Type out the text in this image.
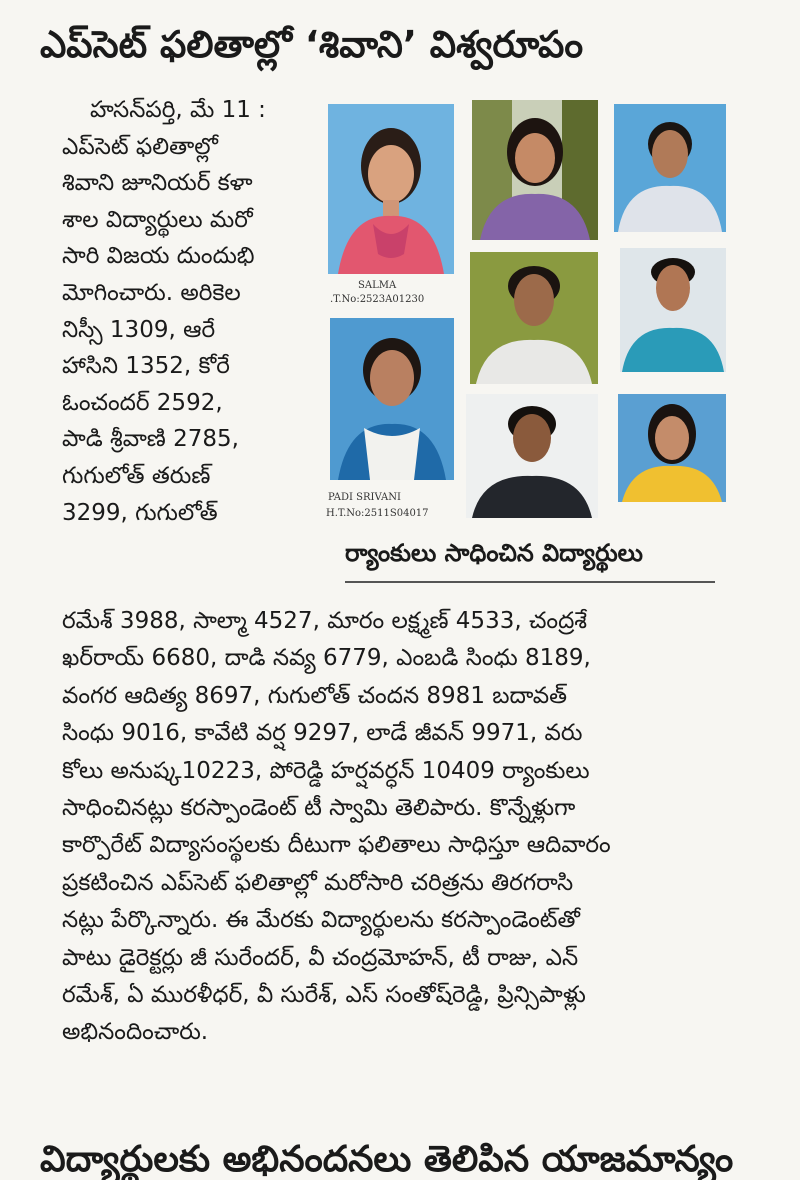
ఎప్‌సెట్ ఫలితాల్లో ‘శివాని’ విశ్వరూపం
హసన్‌పర్తి, మే 11 :
ఎప్‌సెట్ ఫలితాల్లో
శివాని జూనియర్ కళా
శాల విద్యార్థులు మరో
సారి విజయ దుందుభి
మోగించారు. అరికెల
నిస్సీ 1309, ఆరే
హాసిని 1352, కోరే
ఓంచందర్ 2592,
పాడి శ్రీవాణి 2785,
గుగులోత్ తరుణ్
3299, గుగులోత్
SALMA
.T.No:2523A01230
PADI SRIVANI
H.T.No:2511S04017
ర్యాంకులు సాధించిన విద్యార్థులు
రమేశ్ 3988, సాల్మా 4527, మారం లక్ష్మణ్ 4533, చంద్రశే
ఖర్‌రాయ్ 6680, దాడి నవ్య 6779, ఎంబడి సింధు 8189,
వంగర ఆదిత్య 8697, గుగులోత్ చందన 8981 బదావత్
సింధు 9016, కావేటి వర్ష 9297, లాడే జీవన్ 9971, వరు
కోలు అనుష్క10223, పోరెడ్డి హర్షవర్ధన్ 10409 ర్యాంకులు
సాధించినట్లు కరస్పాండెంట్ టీ స్వామి తెలిపారు. కొన్నేళ్లుగా
కార్పొరేట్ విద్యాసంస్థలకు దీటుగా ఫలితాలు సాధిస్తూ ఆదివారం
ప్రకటించిన ఎప్‌సెట్ ఫలితాల్లో మరోసారి చరిత్రను తిరగరాసి
నట్లు పేర్కొన్నారు. ఈ మేరకు విద్యార్థులను కరస్పాండెంట్‌తో
పాటు డైరెక్టర్లు జీ సురేందర్, వీ చంద్రమోహన్, టీ రాజు, ఎన్
రమేశ్, ఏ మురళీధర్, వీ సురేశ్, ఎస్ సంతోష్‌రెడ్డి, ప్రిన్సిపాళ్లు
అభినందించారు.
విద్యార్థులకు అభినందనలు తెలిపిన యాజమాన్యం
